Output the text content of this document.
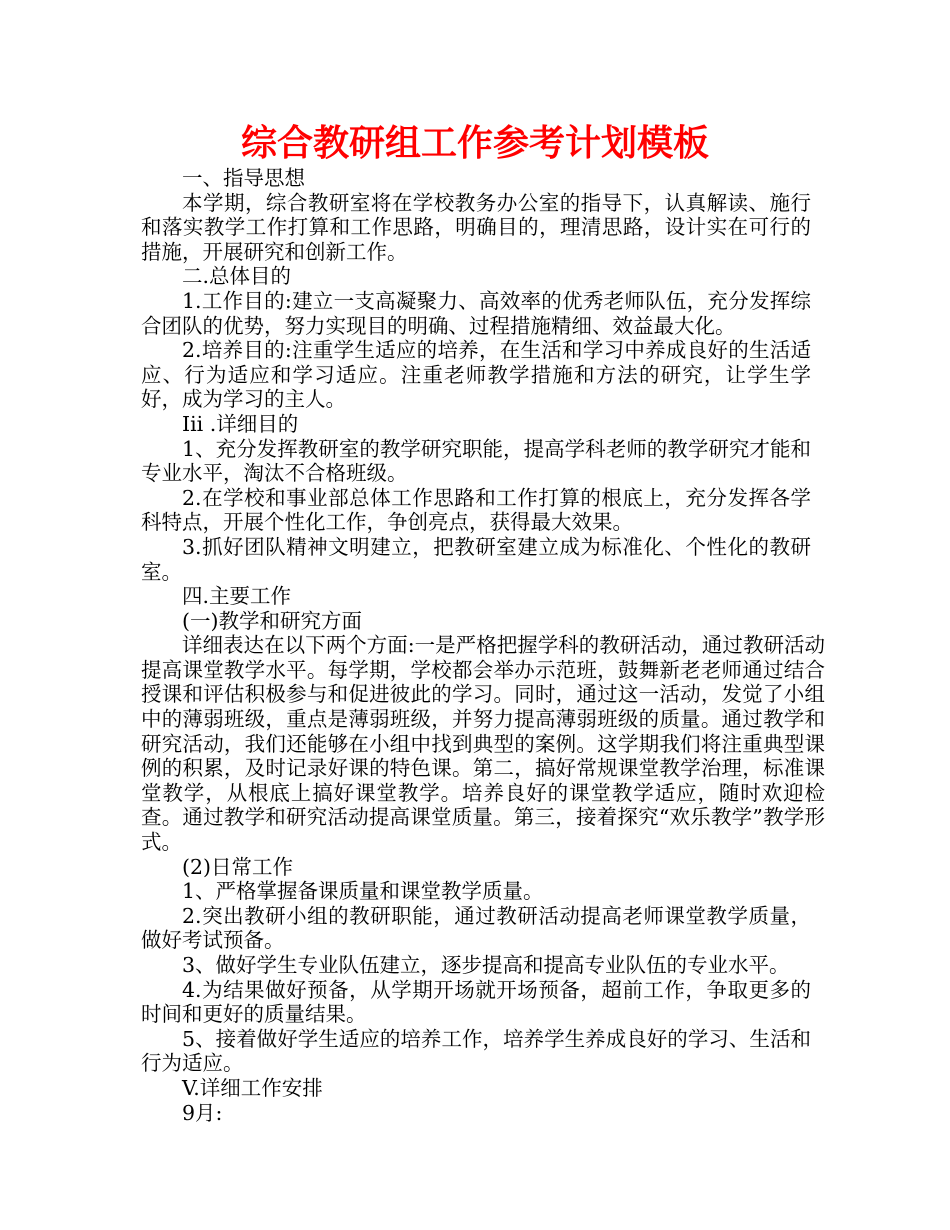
综合教研组工作参考计划模板

一、指导思想

本学期，综合教研室将在学校教务办公室的指导下，认真解读、施行和落实教学工作打算和工作思路，明确目的，理清思路，设计实在可行的措施，开展研究和创新工作。

二.总体目的

1.工作目的:建立一支高凝聚力、高效率的优秀老师队伍，充分发挥综合团队的优势，努力实现目的明确、过程措施精细、效益最大化。

2.培养目的:注重学生适应的培养，在生活和学习中养成良好的生活适应、行为适应和学习适应。注重老师教学措施和方法的研究，让学生学好，成为学习的主人。

Iii .详细目的

1、充分发挥教研室的教学研究职能，提高学科老师的教学研究才能和专业水平，淘汰不合格班级。

2.在学校和事业部总体工作思路和工作打算的根底上，充分发挥各学科特点，开展个性化工作，争创亮点，获得最大效果。

3.抓好团队精神文明建立，把教研室建立成为标准化、个性化的教研室。

四.主要工作

(一)教学和研究方面

详细表达在以下两个方面:一是严格把握学科的教研活动，通过教研活动提高课堂教学水平。每学期，学校都会举办示范班，鼓舞新老老师通过结合授课和评估积极参与和促进彼此的学习。同时，通过这一活动，发觉了小组中的薄弱班级，重点是薄弱班级，并努力提高薄弱班级的质量。通过教学和研究活动，我们还能够在小组中找到典型的案例。这学期我们将注重典型课例的积累，及时记录好课的特色课。第二，搞好常规课堂教学治理，标准课堂教学，从根底上搞好课堂教学。培养良好的课堂教学适应，随时欢迎检查。通过教学和研究活动提高课堂质量。第三，接着探究“欢乐教学”教学形式。

(2)日常工作

1、严格掌握备课质量和课堂教学质量。

2.突出教研小组的教研职能，通过教研活动提高老师课堂教学质量，做好考试预备。

3、做好学生专业队伍建立，逐步提高和提高专业队伍的专业水平。

4.为结果做好预备，从学期开场就开场预备，超前工作，争取更多的时间和更好的质量结果。

5、接着做好学生适应的培养工作，培养学生养成良好的学习、生活和行为适应。

V.详细工作安排

9月:
